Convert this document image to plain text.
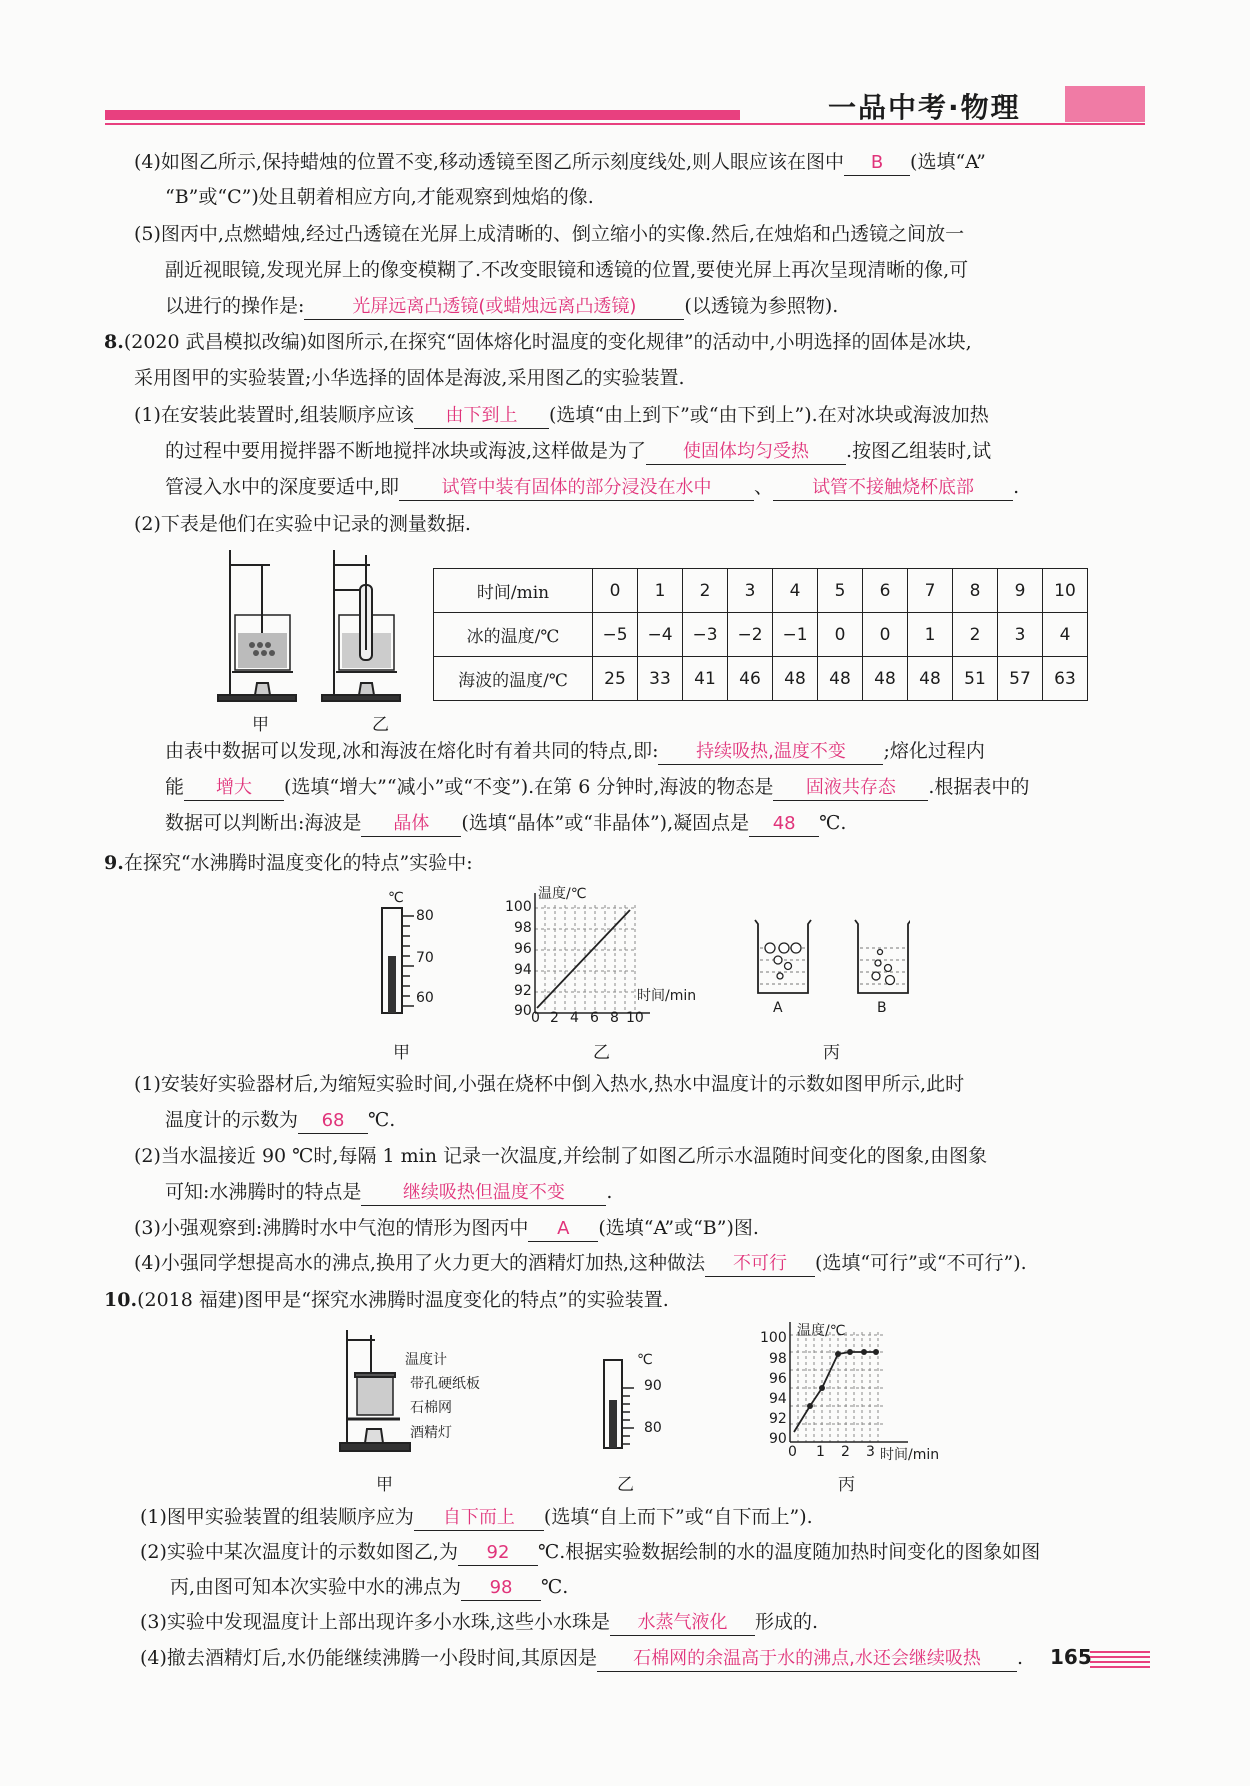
一品中考·物理
(4)如图乙所示,保持蜡烛的位置不变,移动透镜至图乙所示刻度线处,则人眼应该在图中 B (选填“A”
“B”或“C”)处且朝着相应方向,才能观察到烛焰的像.
(5)图丙中,点燃蜡烛,经过凸透镜在光屏上成清晰的、倒立缩小的实像.然后,在烛焰和凸透镜之间放一
副近视眼镜,发现光屏上的像变模糊了.不改变眼镜和透镜的位置,要使光屏上再次呈现清晰的像,可
以进行的操作是:	光屏远离凸透镜(或蜡烛远离凸透镜)	(以透镜为参照物).
8.(2020 武昌模拟改编)如图所示,在探究“固体熔化时温度的变化规律”的活动中,小明选择的固体是冰块,
采用图甲的实验装置;小华选择的固体是海波,采用图乙的实验装置.
(1)在安装此装置时,组装顺序应该 由下到上 (选填“由上到下”或“由下到上”).在对冰块或海波加热
的过程中要用搅拌器不断地搅拌冰块或海波,这样做是为了 使固体均匀受热 .按图乙组装时,试
管浸入水中的深度要适中,即 试管中装有固体的部分浸没在水中 、 试管不接触烧杯底部 .
(2)下表是他们在实验中记录的测量数据.
甲	乙
时间/min	0	1	2	3	4	5	6	7	8	9	10
冰的温度/℃	−5	−4	−3	−2	−1	0	0	1	2	3	4
海波的温度/℃	25	33	41	46	48	48	48	48	51	57	63
由表中数据可以发现,冰和海波在熔化时有着共同的特点,即: 持续吸热,温度不变 ;熔化过程内
能 增大 (选填“增大”“减小”或“不变”).在第 6 分钟时,海波的物态是 固液共存态 .根据表中的
数据可以判断出:海波是 晶体 (选填“晶体”或“非晶体”),凝固点是 48 ℃.
9.在探究“水沸腾时温度变化的特点”实验中:
℃
80
70
60
甲
温度/℃
时间/min
100
98
96
94
92
90 0 2 4 6 8 10
乙
A	B
丙
(1)安装好实验器材后,为缩短实验时间,小强在烧杯中倒入热水,热水中温度计的示数如图甲所示,此时
温度计的示数为 68 ℃.
(2)当水温接近 90 ℃时,每隔 1 min 记录一次温度,并绘制了如图乙所示水温随时间变化的图象,由图象
可知:水沸腾时的特点是 继续吸热但温度不变 .
(3)小强观察到:沸腾时水中气泡的情形为图丙中 A (选填“A”或“B”)图.
(4)小强同学想提高水的沸点,换用了火力更大的酒精灯加热,这种做法 不可行 (选填“可行”或“不可行”).
10.(2018 福建)图甲是“探究水沸腾时温度变化的特点”的实验装置.
温度计
带孔硬纸板
石棉网
酒精灯
甲
℃
90
80
乙
温度/℃
时间/min
100
98
96
94
92
90
0 1 2 3
丙
(1)图甲实验装置的组装顺序应为 自下而上 (选填“自上而下”或“自下而上”).
(2)实验中某次温度计的示数如图乙,为 92 ℃.根据实验数据绘制的水的温度随加热时间变化的图象如图
丙,由图可知本次实验中水的沸点为 98 ℃.
(3)实验中发现温度计上部出现许多小水珠,这些小水珠是 水蒸气液化 形成的.
(4)撤去酒精灯后,水仍能继续沸腾一小段时间,其原因是 石棉网的余温高于水的沸点,水还会继续吸热 . 165
